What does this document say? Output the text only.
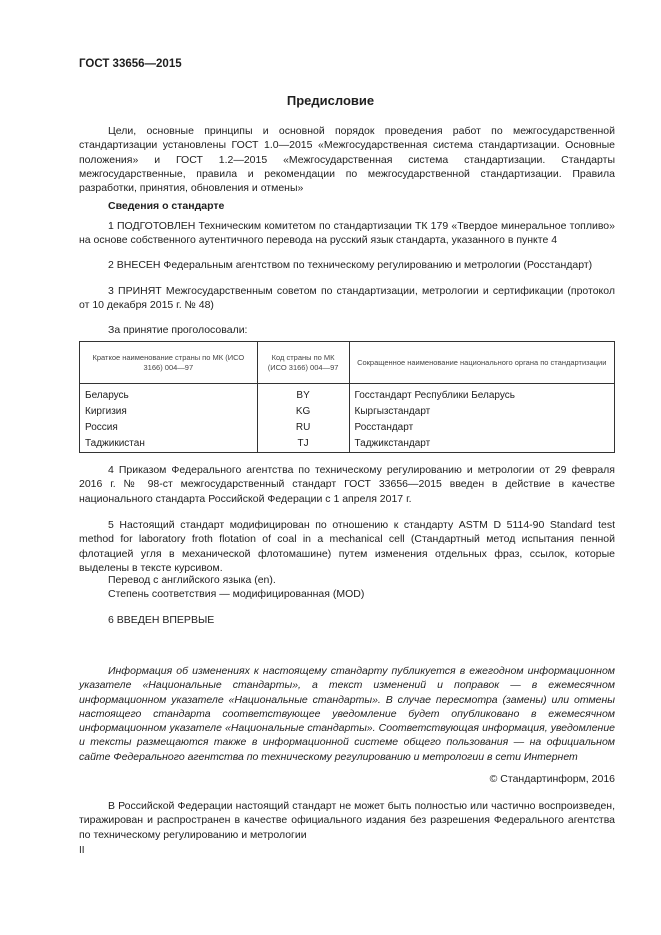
ГОСТ 33656—2015
Предисловие

Цели, основные принципы и основной порядок проведения работ по межгосударственной стандартизации установлены ГОСТ 1.0—2015 «Межгосударственная система стандартизации. Основные положения» и ГОСТ 1.2—2015 «Межгосударственная система стандартизации. Стандарты межгосударственные, правила и рекомендации по межгосударственной стандартизации. Правила разработки, принятия, обновления и отмены»

Сведения о стандарте

1 ПОДГОТОВЛЕН Техническим комитетом по стандартизации ТК 179 «Твердое минеральное топливо» на основе собственного аутентичного перевода на русский язык стандарта, указанного в пункте 4

2 ВНЕСЕН Федеральным агентством по техническому регулированию и метрологии (Росстандарт)

3 ПРИНЯТ Межгосударственным советом по стандартизации, метрологии и сертификации (протокол от 10 декабря 2015 г. № 48)

За принятие проголосовали:

Краткое наименование страны по МК (ИСО 3166) 004—97	Код страны по МК (ИСО 3166) 004—97	Сокращенное наименование национального органа по стандартизации
Беларусь	BY	Госстандарт Республики Беларусь
Киргизия	KG	Кыргызстандарт
Россия	RU	Росстандарт
Таджикистан	TJ	Таджикстандарт

4 Приказом Федерального агентства по техническому регулированию и метрологии от 29 февраля 2016 г. № 98-ст межгосударственный стандарт ГОСТ 33656—2015 введен в действие в качестве национального стандарта Российской Федерации с 1 апреля 2017 г.

5 Настоящий стандарт модифицирован по отношению к стандарту ASTM D 5114-90 Standard test method for laboratory froth flotation of coal in a mechanical cell (Стандартный метод испытания пенной флотацией угля в механической флотомашине) путем изменения отдельных фраз, ссылок, которые выделены в тексте курсивом.

Перевод с английского языка (en).

Степень соответствия — модифицированная (MOD)

6 ВВЕДЕН ВПЕРВЫЕ

Информация об изменениях к настоящему стандарту публикуется в ежегодном информационном указателе «Национальные стандарты», а текст изменений и поправок — в ежемесячном информационном указателе «Национальные стандарты». В случае пересмотра (замены) или отмены настоящего стандарта соответствующее уведомление будет опубликовано в ежемесячном информационном указателе «Национальные стандарты». Соответствующая информация, уведомление и тексты размещаются также в информационной системе общего пользования — на официальном сайте Федерального агентства по техническому регулированию и метрологии в сети Интернет

© Стандартинформ, 2016

В Российской Федерации настоящий стандарт не может быть полностью или частично воспроизведен, тиражирован и распространен в качестве официального издания без разрешения Федерального агентства по техническому регулированию и метрологии

II
